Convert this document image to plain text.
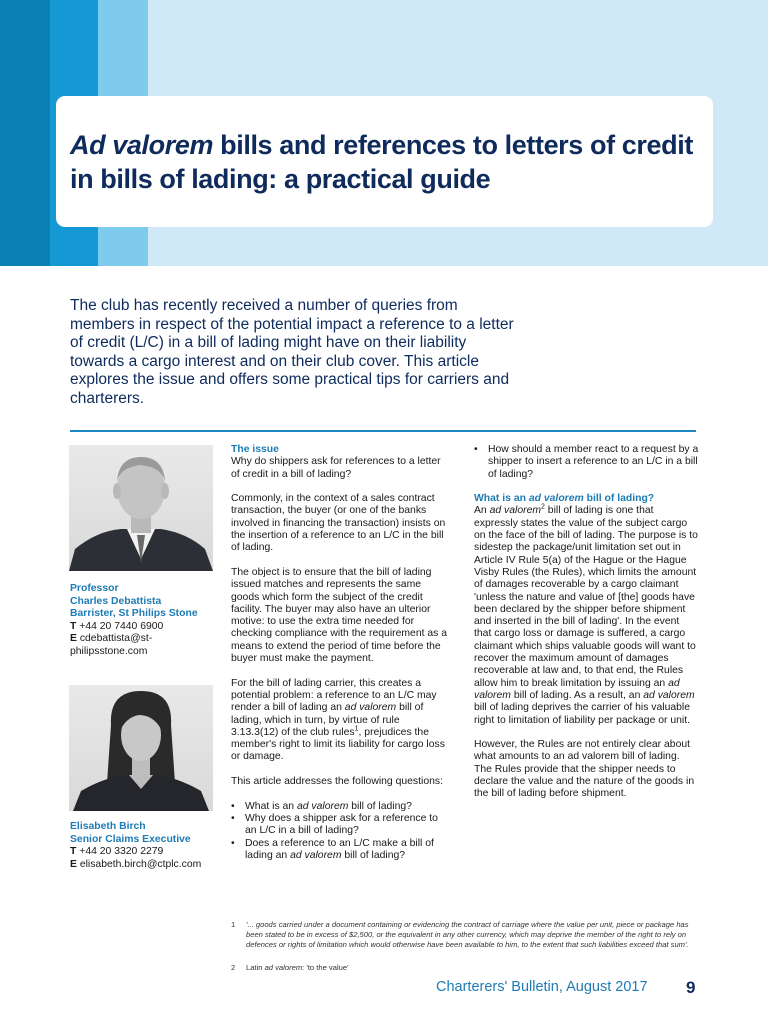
Ad valorem bills and references to letters of credit in bills of lading: a practical guide

The club has recently received a number of queries from members in respect of the potential impact a reference to a letter of credit (L/C) in a bill of lading might have on their liability towards a cargo interest and on their club cover. This article explores the issue and offers some practical tips for carriers and charterers.

Professor
Charles Debattista
Barrister, St Philips Stone
T +44 20 7440 6900
E cdebattista@st-
philipsstone.com
Elisabeth Birch
Senior Claims Executive
T +44 20 3320 2279
E elisabeth.birch@ctplc.com
The issue

Why do shippers ask for references to a letter of credit in a bill of lading?

Commonly, in the context of a sales contract transaction, the buyer (or one of the banks involved in financing the transaction) insists on the insertion of a reference to an L/C in the bill of lading.

The object is to ensure that the bill of lading issued matches and represents the same goods which form the subject of the credit facility. The buyer may also have an ulterior motive: to use the extra time needed for checking compliance with the requirement as a means to extend the period of time before the buyer must make the payment.

For the bill of lading carrier, this creates a potential problem: a reference to an L/C may render a bill of lading an ad valorem bill of lading, which in turn, by virtue of rule 3.13.3(12) of the club rules$^1$, prejudices the member's right to limit its liability for cargo loss or damage.

This article addresses the following questions:

• What is an ad valorem bill of lading?
• Why does a shipper ask for a reference to an L/C in a bill of lading?
• Does a reference to an L/C make a bill of lading an ad valorem bill of lading?
• How should a member react to a request by a shipper to insert a reference to an L/C in a bill of lading?
What is an ad valorem bill of lading?

An ad valorem$^2$ bill of lading is one that expressly states the value of the subject cargo on the face of the bill of lading. The purpose is to sidestep the package/unit limitation set out in Article IV Rule 5(a) of the Hague or the Hague Visby Rules (the Rules), which limits the amount of damages recoverable by a cargo claimant 'unless the nature and value of [the] goods have been declared by the shipper before shipment and inserted in the bill of lading'. In the event that cargo loss or damage is suffered, a cargo claimant which ships valuable goods will want to recover the maximum amount of damages recoverable at law and, to that end, the Rules allow him to break limitation by issuing an ad valorem bill of lading. As a result, an ad valorem bill of lading deprives the carrier of his valuable right to limitation of liability per package or unit.

However, the Rules are not entirely clear about what amounts to an ad valorem bill of lading. The Rules provide that the shipper needs to declare the value and the nature of the goods in the bill of lading before shipment.

1	'... goods carried under a document containing or evidencing the contract of carriage where the value per unit, piece or package has been stated to be in excess of $2,500, or the equivalent in any other currency, which may deprive the member of the right to rely on defences or rights of limitation which would otherwise have been available to him, to the extent that such liabilities exceed that sum'.
2	Latin ad valorem: 'to the value'
Charterers' Bulletin, August 2017 9
